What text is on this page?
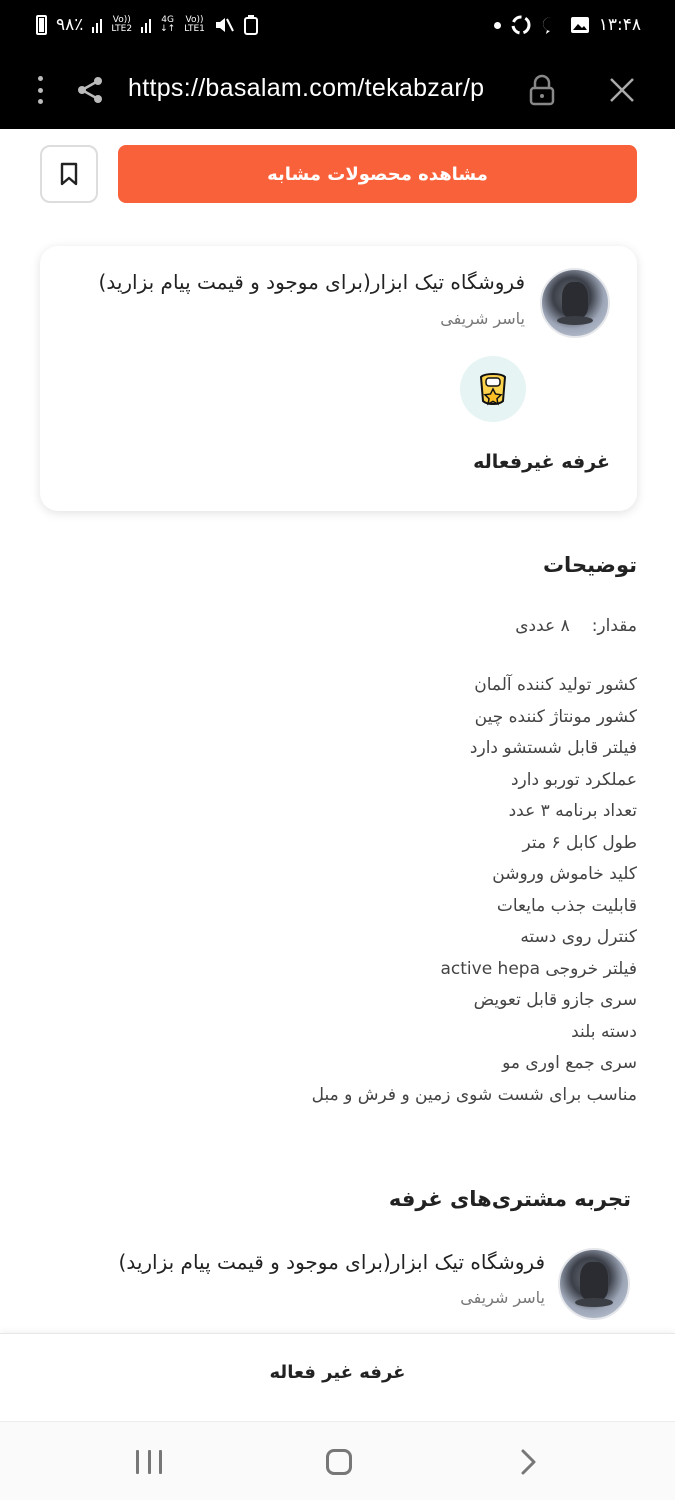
٩٨٪	Vo))
LTE2
4G
↓↑
Vo))
LTE1	١٣:۴٨
https://basalam.com/tekabzar/p
مشاهده محصولات مشابه
فروشگاه تیک ابزار(برای موجود و قیمت پیام بزارید)
یاسر شریفی
غرفه غیرفعاله
توضیحات
مقدار:
۸ عددی
کشور تولید کننده آلمان
کشور مونتاژ کننده چین
فیلتر قابل شستشو دارد
عملکرد توربو دارد
تعداد برنامه ۳ عدد
طول کابل ۶ متر
کلید خاموش وروشن
قابلیت جذب مایعات
کنترل روی دسته
فیلتر خروجی active hepa
سری جازو قابل تعویض
دسته بلند
سری جمع اوری مو
مناسب برای شست شوی زمین و فرش و مبل
تجربه مشتری‌های غرفه
فروشگاه تیک ابزار(برای موجود و قیمت پیام بزارید)
یاسر شریفی
غرفه غیر فعاله
